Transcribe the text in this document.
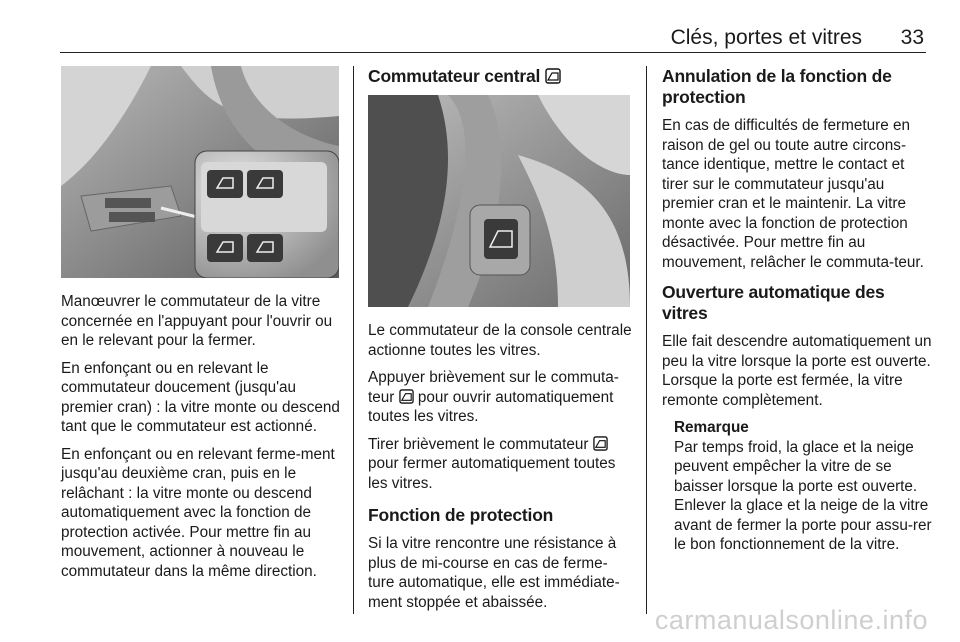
Clés, portes et vitres 33

Manœuvrer le commutateur de la vitre concernée en l'appuyant pour l'ouvrir ou en le relevant pour la fermer.

En enfonçant ou en relevant le commutateur doucement (jusqu'au premier cran) : la vitre monte ou descend tant que le commutateur est actionné.

En enfonçant ou en relevant ferme-ment jusqu'au deuxième cran, puis en le relâchant : la vitre monte ou descend automatiquement avec la fonction de protection activée. Pour mettre fin au mouvement, actionner à nouveau le commutateur dans la même direction.

Commutateur central

Le commutateur de la console centrale actionne toutes les vitres.

Appuyer brièvement sur le commuta-teur pour ouvrir automatiquement toutes les vitres.

Tirer brièvement le commutateur  pour fermer automatiquement toutes les vitres.

Fonction de protection

Si la vitre rencontre une résistance à plus de mi-course en cas de ferme-ture automatique, elle est immédiate-ment stoppée et abaissée.

Annulation de la fonction de protection

En cas de difficultés de fermeture en raison de gel ou toute autre circons-tance identique, mettre le contact et tirer sur le commutateur jusqu'au premier cran et le maintenir. La vitre monte avec la fonction de protection désactivée. Pour mettre fin au mouvement, relâcher le commuta-teur.

Ouverture automatique des vitres

Elle fait descendre automatiquement un peu la vitre lorsque la porte est ouverte. Lorsque la porte est fermée, la vitre remonte complètement.

Remarque
Par temps froid, la glace et la neige peuvent empêcher la vitre de se baisser lorsque la porte est ouverte. Enlever la glace et la neige de la vitre avant de fermer la porte pour assu-rer le bon fonctionnement de la vitre.
carmanualsonline.info
